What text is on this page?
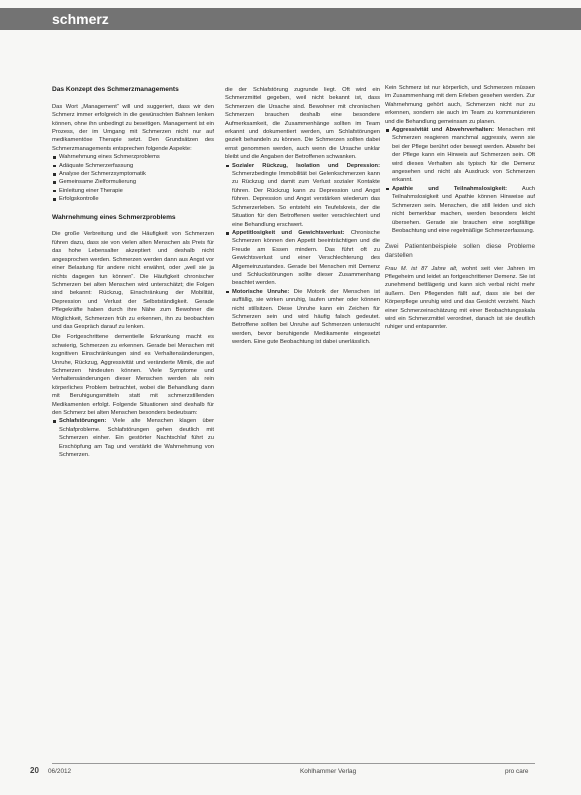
schmerz
Das Konzept des Schmerzmanagements

Das Wort „Management“ will und suggeriert, dass wir den Schmerz immer erfolgreich in die gewünschten Bahnen lenken können, ohne ihn unbedingt zu beseitigen. Management ist ein Prozess, der im Umgang mit Schmerzen nicht nur auf medikamentöse Therapie setzt. Den Grundsätzen des Schmerzmanagements entsprechen folgende Aspekte:

Wahrnehmung eines Schmerzproblems
Adäquate Schmerzerfassung
Analyse der Schmerzsymptomatik
Gemeinsame Zielformulierung
Einleitung einer Therapie
Erfolgskontrolle
Wahrnehmung eines Schmerzproblems

Die große Verbreitung und die Häufigkeit von Schmerzen führen dazu, dass sie von vielen alten Menschen als Preis für das hohe Lebensalter akzeptiert und deshalb nicht angesprochen werden. Schmerzen werden dann aus Angst vor einer Belastung für andere nicht erwähnt, oder „weil sie ja nichts dagegen tun können“. Die Häufigkeit chronischer Schmerzen bei alten Menschen wird unterschätzt; die Folgen sind bekannt: Rückzug, Einschränkung der Mobilität, Depression und Verlust der Selbstständigkeit. Gerade Pflegekräfte haben durch ihre Nähe zum Bewohner die Möglichkeit, Schmerzen früh zu erkennen, ihn zu beobachten und das Gespräch darauf zu lenken.

Die Fortgeschrittene dementielle Erkrankung macht es schwierig, Schmerzen zu erkennen. Gerade bei Menschen mit kognitiven Einschränkungen sind es Verhaltensänderungen, Unruhe, Rückzug, Aggressivität und veränderte Mimik, die auf Schmerzen hindeuten können. Viele Symptome und Verhaltensänderungen dieser Menschen werden als rein körperliches Problem betrachtet, wobei die Behandlung dann mit Beruhigungsmitteln statt mit schmerzstillenden Medikamenten erfolgt. Folgende Situationen sind deshalb für den Schmerz bei alten Menschen besonders bedeutsam:

Schlafstörungen: Viele alte Menschen klagen über Schlafprobleme. Schlafstörungen gehen deutlich mit Schmerzen einher. Ein gestörter Nachtschlaf führt zu Erschöpfung am Tag und verstärkt die Wahrnehmung von Schmerzen.

die der Schlafstörung zugrunde liegt. Oft wird ein Schmerzmittel gegeben, weil nicht bekannt ist, dass Schmerzen die Ursache sind. Bewohner mit chronischen Schmerzen brauchen deshalb eine besondere Aufmerksamkeit, die Zusammenhänge sollten im Team erkannt und dokumentiert werden, um Schlafstörungen gezielt behandeln zu können. Die Schmerzen sollten dabei ernst genommen werden, auch wenn die Ursache unklar bleibt und die Angaben der Betroffenen schwanken.

Sozialer Rückzug, Isolation und Depression: Schmerzbedingte Immobilität bei Gelenkschmerzen kann zu Rückzug und damit zum Verlust sozialer Kontakte führen. Der Rückzug kann zu Depression und Angst führen. Depression und Angst verstärken wiederum das Schmerzerleben. So entsteht ein Teufelskreis, der die Situation für den Betroffenen weiter verschlechtert und eine Behandlung erschwert.
Appetitlosigkeit und Gewichtsverlust: Chronische Schmerzen können den Appetit beeinträchtigen und die Freude am Essen mindern. Das führt oft zu Gewichtsverlust und einer Verschlechterung des Allgemeinzustandes. Gerade bei Menschen mit Demenz und Schluckstörungen sollte dieser Zusammenhang beachtet werden.
Motorische Unruhe: Die Motorik der Menschen ist auffällig, sie wirken unruhig, laufen umher oder können nicht stillsitzen. Diese Unruhe kann ein Zeichen für Schmerzen sein und wird häufig falsch gedeutet. Betroffene sollten bei Unruhe auf Schmerzen untersucht werden, bevor beruhigende Medikamente eingesetzt werden. Eine gute Beobachtung ist dabei unerlässlich.

Kein Schmerz ist nur körperlich, und Schmerzen müssen im Zusammenhang mit dem Erleben gesehen werden. Zur Wahrnehmung gehört auch, Schmerzen nicht nur zu erkennen, sondern sie auch im Team zu kommunizieren und die Behandlung gemeinsam zu planen.

Aggressivität und Abwehrverhalten: Menschen mit Schmerzen reagieren manchmal aggressiv, wenn sie bei der Pflege berührt oder bewegt werden. Abwehr bei der Pflege kann ein Hinweis auf Schmerzen sein. Oft wird dieses Verhalten als typisch für die Demenz angesehen und nicht als Ausdruck von Schmerzen erkannt.
Apathie und Teilnahmslosigkeit:	Auch Teilnahmslosigkeit und Apathie können Hinweise auf Schmerzen sein. Menschen, die still leiden und sich nicht bemerkbar machen, werden besonders leicht übersehen. Gerade sie brauchen eine sorgfältige Beobachtung und eine regelmäßige Schmerzerfassung.
Zwei Patientenbeispiele sollen diese Probleme darstellen

Frau M. ist 87 Jahre alt, wohnt seit vier Jahren im Pflegeheim und leidet an fortgeschrittener Demenz. Sie ist zunehmend bettlägerig und kann sich verbal nicht mehr äußern. Den Pflegenden fällt auf, dass sie bei der Körperpflege unruhig wird und das Gesicht verzieht. Nach einer Schmerzeinschätzung mit einer Beobachtungsskala wird ein Schmerzmittel verordnet, danach ist sie deutlich ruhiger und entspannter.

20 06/2012	Kohlhammer Verlag	pro care
